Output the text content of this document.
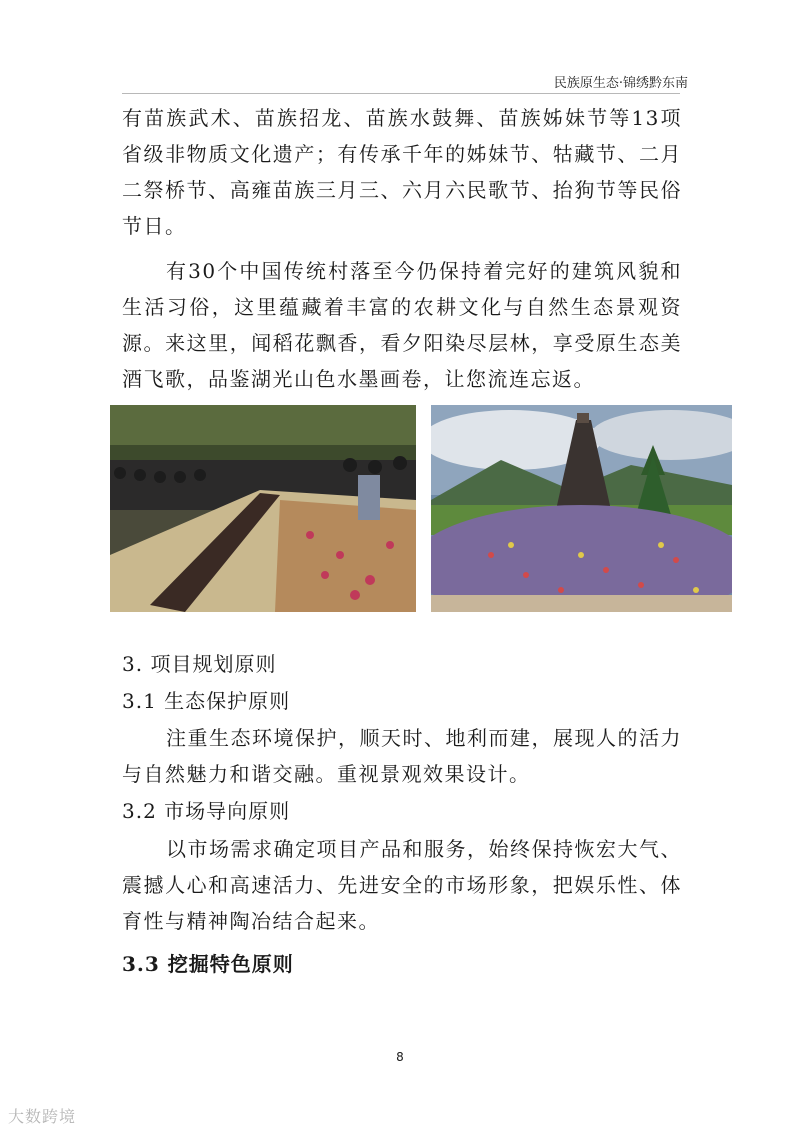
民族原生态·锦绣黔东南

有苗族武术、苗族招龙、苗族水鼓舞、苗族姊妹节等13项省级非物质文化遗产；有传承千年的姊妹节、牯藏节、二月二祭桥节、高雍苗族三月三、六月六民歌节、抬狗节等民俗节日。

有30个中国传统村落至今仍保持着完好的建筑风貌和生活习俗，这里蕴藏着丰富的农耕文化与自然生态景观资源。来这里，闻稻花飘香，看夕阳染尽层林，享受原生态美酒飞歌，品鉴湖光山色水墨画卷，让您流连忘返。

3. 项目规划原则
3.1 生态保护原则

注重生态环境保护，顺天时、地利而建，展现人的活力与自然魅力和谐交融。重视景观效果设计。

3.2 市场导向原则

以市场需求确定项目产品和服务，始终保持恢宏大气、震撼人心和高速活力、先进安全的市场形象，把娱乐性、体育性与精神陶冶结合起来。

3.3 挖掘特色原则
8
大数跨境
